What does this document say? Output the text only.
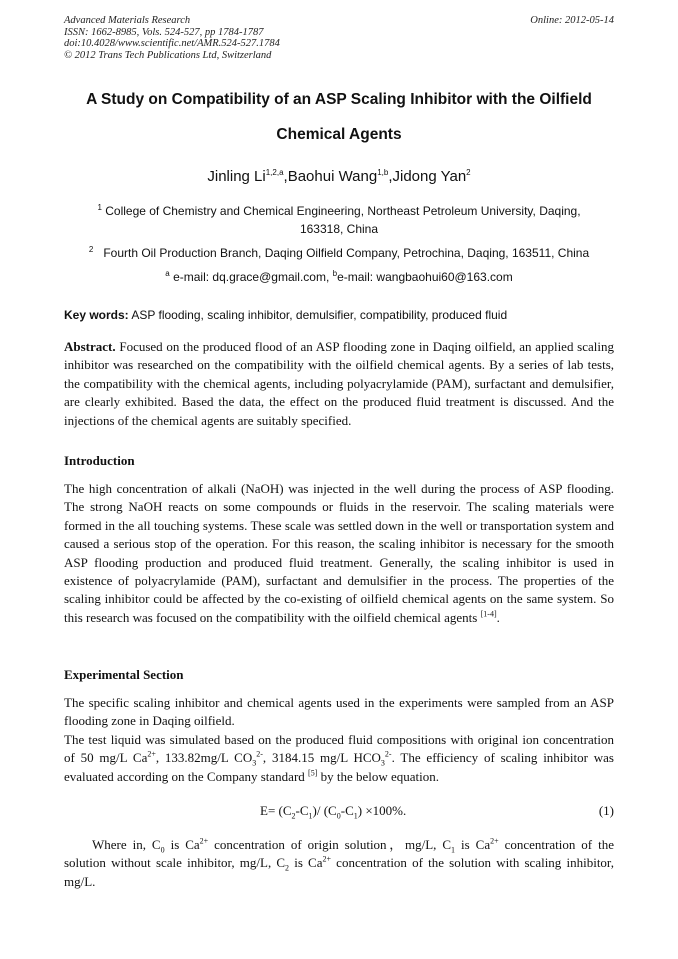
Advanced Materials Research
ISSN: 1662-8985, Vols. 524-527, pp 1784-1787
doi:10.4028/www.scientific.net/AMR.524-527.1784
© 2012 Trans Tech Publications Ltd, Switzerland
Online: 2012-05-14
A Study on Compatibility of an ASP Scaling Inhibitor with the Oilfield
Chemical Agents
Jinling Li$^{1,2,a}$,Baohui Wang$^{1,b}$,Jidong Yan$^2$
$^1$ College of Chemistry and Chemical Engineering, Northeast Petroleum University, Daqing,
163318, China
$^2$ Fourth Oil Production Branch, Daqing Oilfield Company, Petrochina, Daqing, 163511, China
$^a$ e-mail: dq.grace@gmail.com, $^b$e-mail: wangbaohui60@163.com
Key words: ASP flooding, scaling inhibitor, demulsifier, compatibility, produced fluid
Abstract. Focused on the produced flood of an ASP flooding zone in Daqing oilfield, an applied scaling inhibitor was researched on the compatibility with the oilfield chemical agents. By a series of lab tests, the compatibility with the chemical agents, including polyacrylamide (PAM), surfactant and demulsifier, are clearly exhibited. Based the data, the effect on the produced fluid treatment is discussed. And the injections of the chemical agents are suitably specified.
Introduction
The high concentration of alkali (NaOH) was injected in the well during the process of ASP flooding. The strong NaOH reacts on some compounds or fluids in the reservoir. The scaling materials were formed in the all touching systems. These scale was settled down in the well or transportation system and caused a serious stop of the operation. For this reason, the scaling inhibitor is necessary for the smooth ASP flooding production and produced fluid treatment. Generally, the scaling inhibitor is used in existence of polyacrylamide (PAM), surfactant and demulsifier in the process. The properties of the scaling inhibitor could be affected by the co-existing of oilfield chemical agents on the same system. So this research was focused on the compatibility with the oilfield chemical agents [1-4].
Experimental Section
The specific scaling inhibitor and chemical agents used in the experiments were sampled from an ASP flooding zone in Daqing oilfield.
The test liquid was simulated based on the produced fluid compositions with original ion concentration of 50 mg/L $Ca^{2+}$, 133.82mg/L $CO_3^{2-}$, 3184.15 mg/L $HCO_3^{2-}$. The efficiency of scaling inhibitor was evaluated according on the Company standard [5] by the below equation.
$E= (C_2-C_1)/$ $(C_0-C_1) \times 100\%$.	(1)
Where in, $C_0$ is $Ca^{2+}$ concentration of origin solution，mg/L, $C_1$ is $Ca^{2+}$ concentration of the solution without scale inhibitor, mg/L, $C_2$ is $Ca^{2+}$ concentration of the solution with scaling inhibitor, mg/L.
